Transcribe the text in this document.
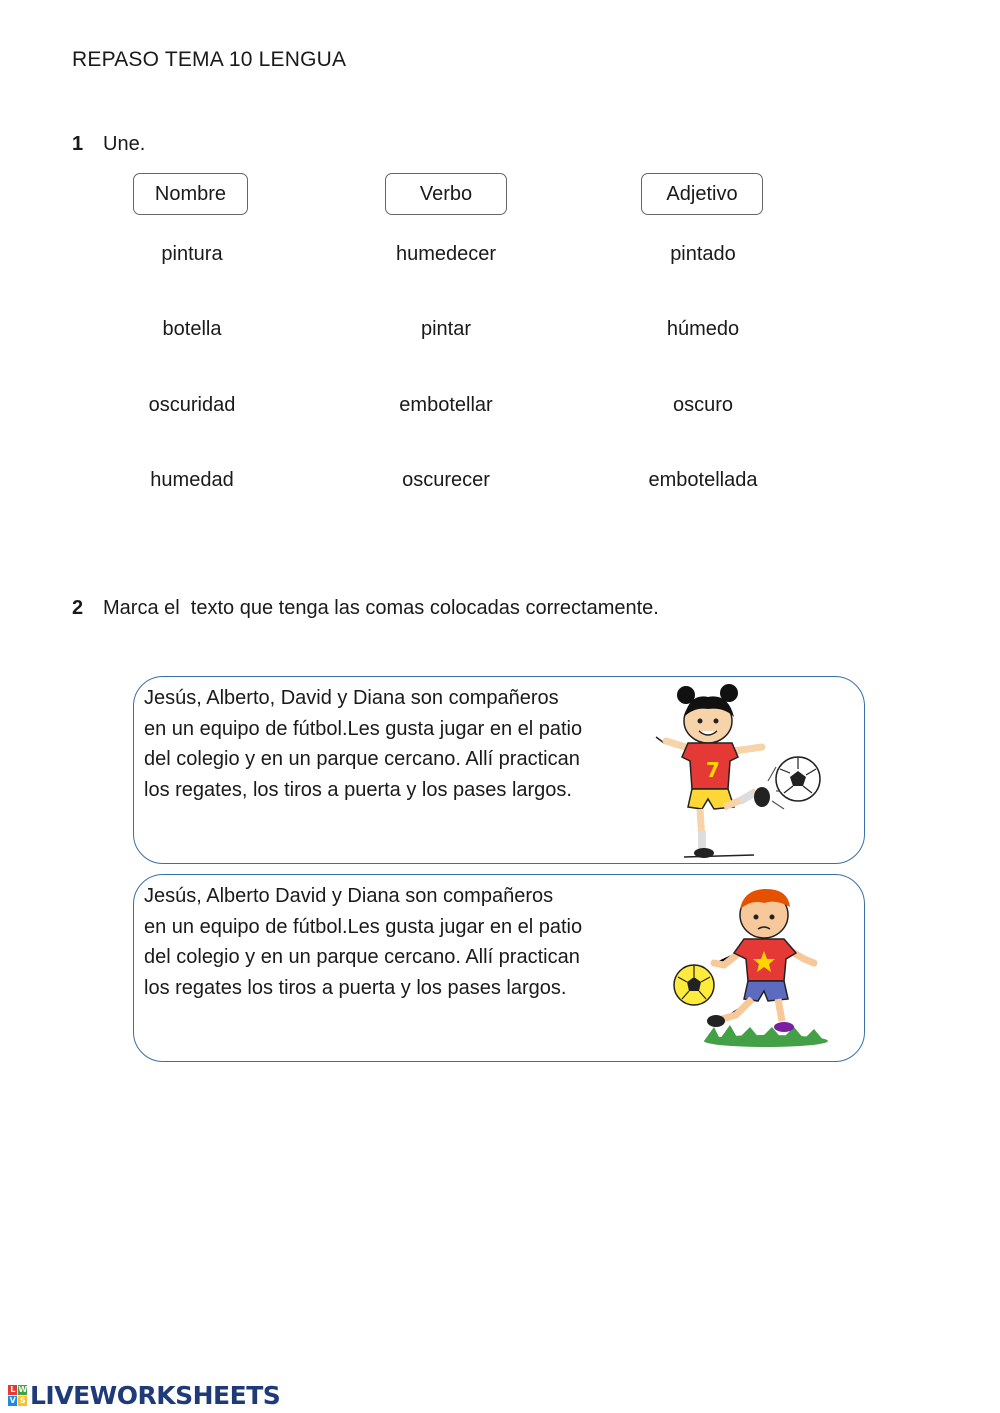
REPASO TEMA 10 LENGUA
1 Une.
Nombre	Verbo	Adjetivo
pintura
botella
oscuridad
humedad
humedecer
pintar
embotellar
oscurecer
pintado
húmedo
oscuro
embotellada
2 Marca el  texto que tenga las comas colocadas correctamente.
Jesús, Alberto, David y Diana son compañeros
en un equipo de fútbol.Les gusta jugar en el patio
del colegio y en un parque cercano. Allí practican
los regates, los tiros a puerta y los pases largos.
7
Jesús, Alberto David y Diana son compañeros
en un equipo de fútbol.Les gusta jugar en el patio
del colegio y en un parque cercano. Allí practican
los regates los tiros a puerta y los pases largos.
L W
V S LIVEWORKSHEETS
